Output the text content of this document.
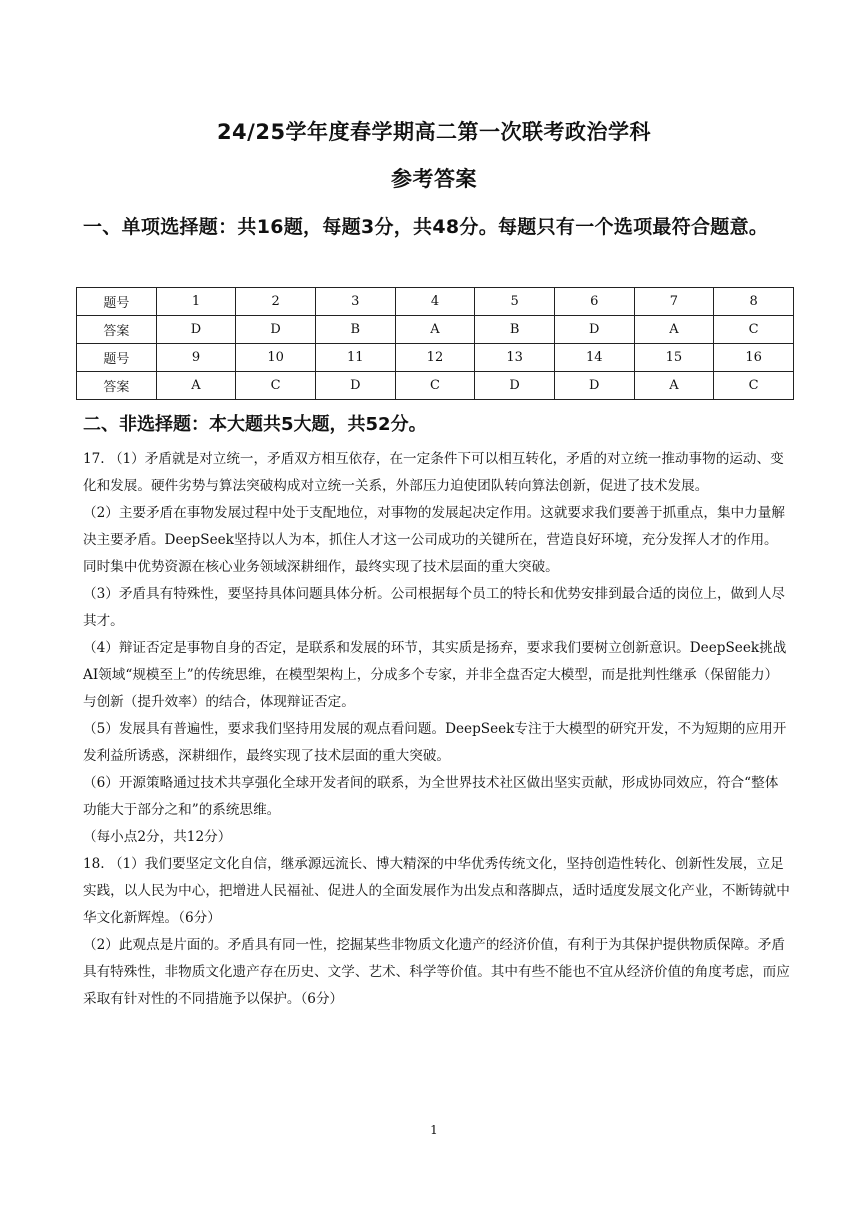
24/25学年度春学期高二第一次联考政治学科
参考答案
一、单项选择题：共16题，每题3分，共48分。每题只有一个选项最符合题意。
题号	1	2	3	4	5	6	7	8
答案	D	D	B	A	B	D	A	C
题号	9	10	11	12	13	14	15	16
答案	A	C	D	C	D	D	A	C
二、非选择题：本大题共5大题，共52分。

17. （1）矛盾就是对立统一，矛盾双方相互依存，在一定条件下可以相互转化，矛盾的对立统一推动事物的运动、变化和发展。硬件劣势与算法突破构成对立统一关系，外部压力迫使团队转向算法创新，促进了技术发展。

（2）主要矛盾在事物发展过程中处于支配地位，对事物的发展起决定作用。这就要求我们要善于抓重点，集中力量解决主要矛盾。DeepSeek坚持以人为本，抓住人才这一公司成功的关键所在，营造良好环境，充分发挥人才的作用。同时集中优势资源在核心业务领域深耕细作，最终实现了技术层面的重大突破。

（3）矛盾具有特殊性，要坚持具体问题具体分析。公司根据每个员工的特长和优势安排到最合适的岗位上，做到人尽其才。

（4）辩证否定是事物自身的否定，是联系和发展的环节，其实质是扬弃，要求我们要树立创新意识。DeepSeek挑战AI领域“规模至上”的传统思维，在模型架构上，分成多个专家，并非全盘否定大模型，而是批判性继承（保留能力）与创新（提升效率）的结合，体现辩证否定。

（5）发展具有普遍性，要求我们坚持用发展的观点看问题。DeepSeek专注于大模型的研究开发，不为短期的应用开发利益所诱惑，深耕细作，最终实现了技术层面的重大突破。

（6）开源策略通过技术共享强化全球开发者间的联系，为全世界技术社区做出坚实贡献，形成协同效应，符合“整体功能大于部分之和”的系统思维。

（每小点2分，共12分）

18. （1）我们要坚定文化自信，继承源远流长、博大精深的中华优秀传统文化，坚持创造性转化、创新性发展，立足实践，以人民为中心，把增进人民福祉、促进人的全面发展作为出发点和落脚点，适时适度发展文化产业，不断铸就中华文化新辉煌。（6分）

（2）此观点是片面的。矛盾具有同一性，挖掘某些非物质文化遗产的经济价值，有利于为其保护提供物质保障。矛盾具有特殊性，非物质文化遗产存在历史、文学、艺术、科学等价值。其中有些不能也不宜从经济价值的角度考虑，而应采取有针对性的不同措施予以保护。（6分）

1
